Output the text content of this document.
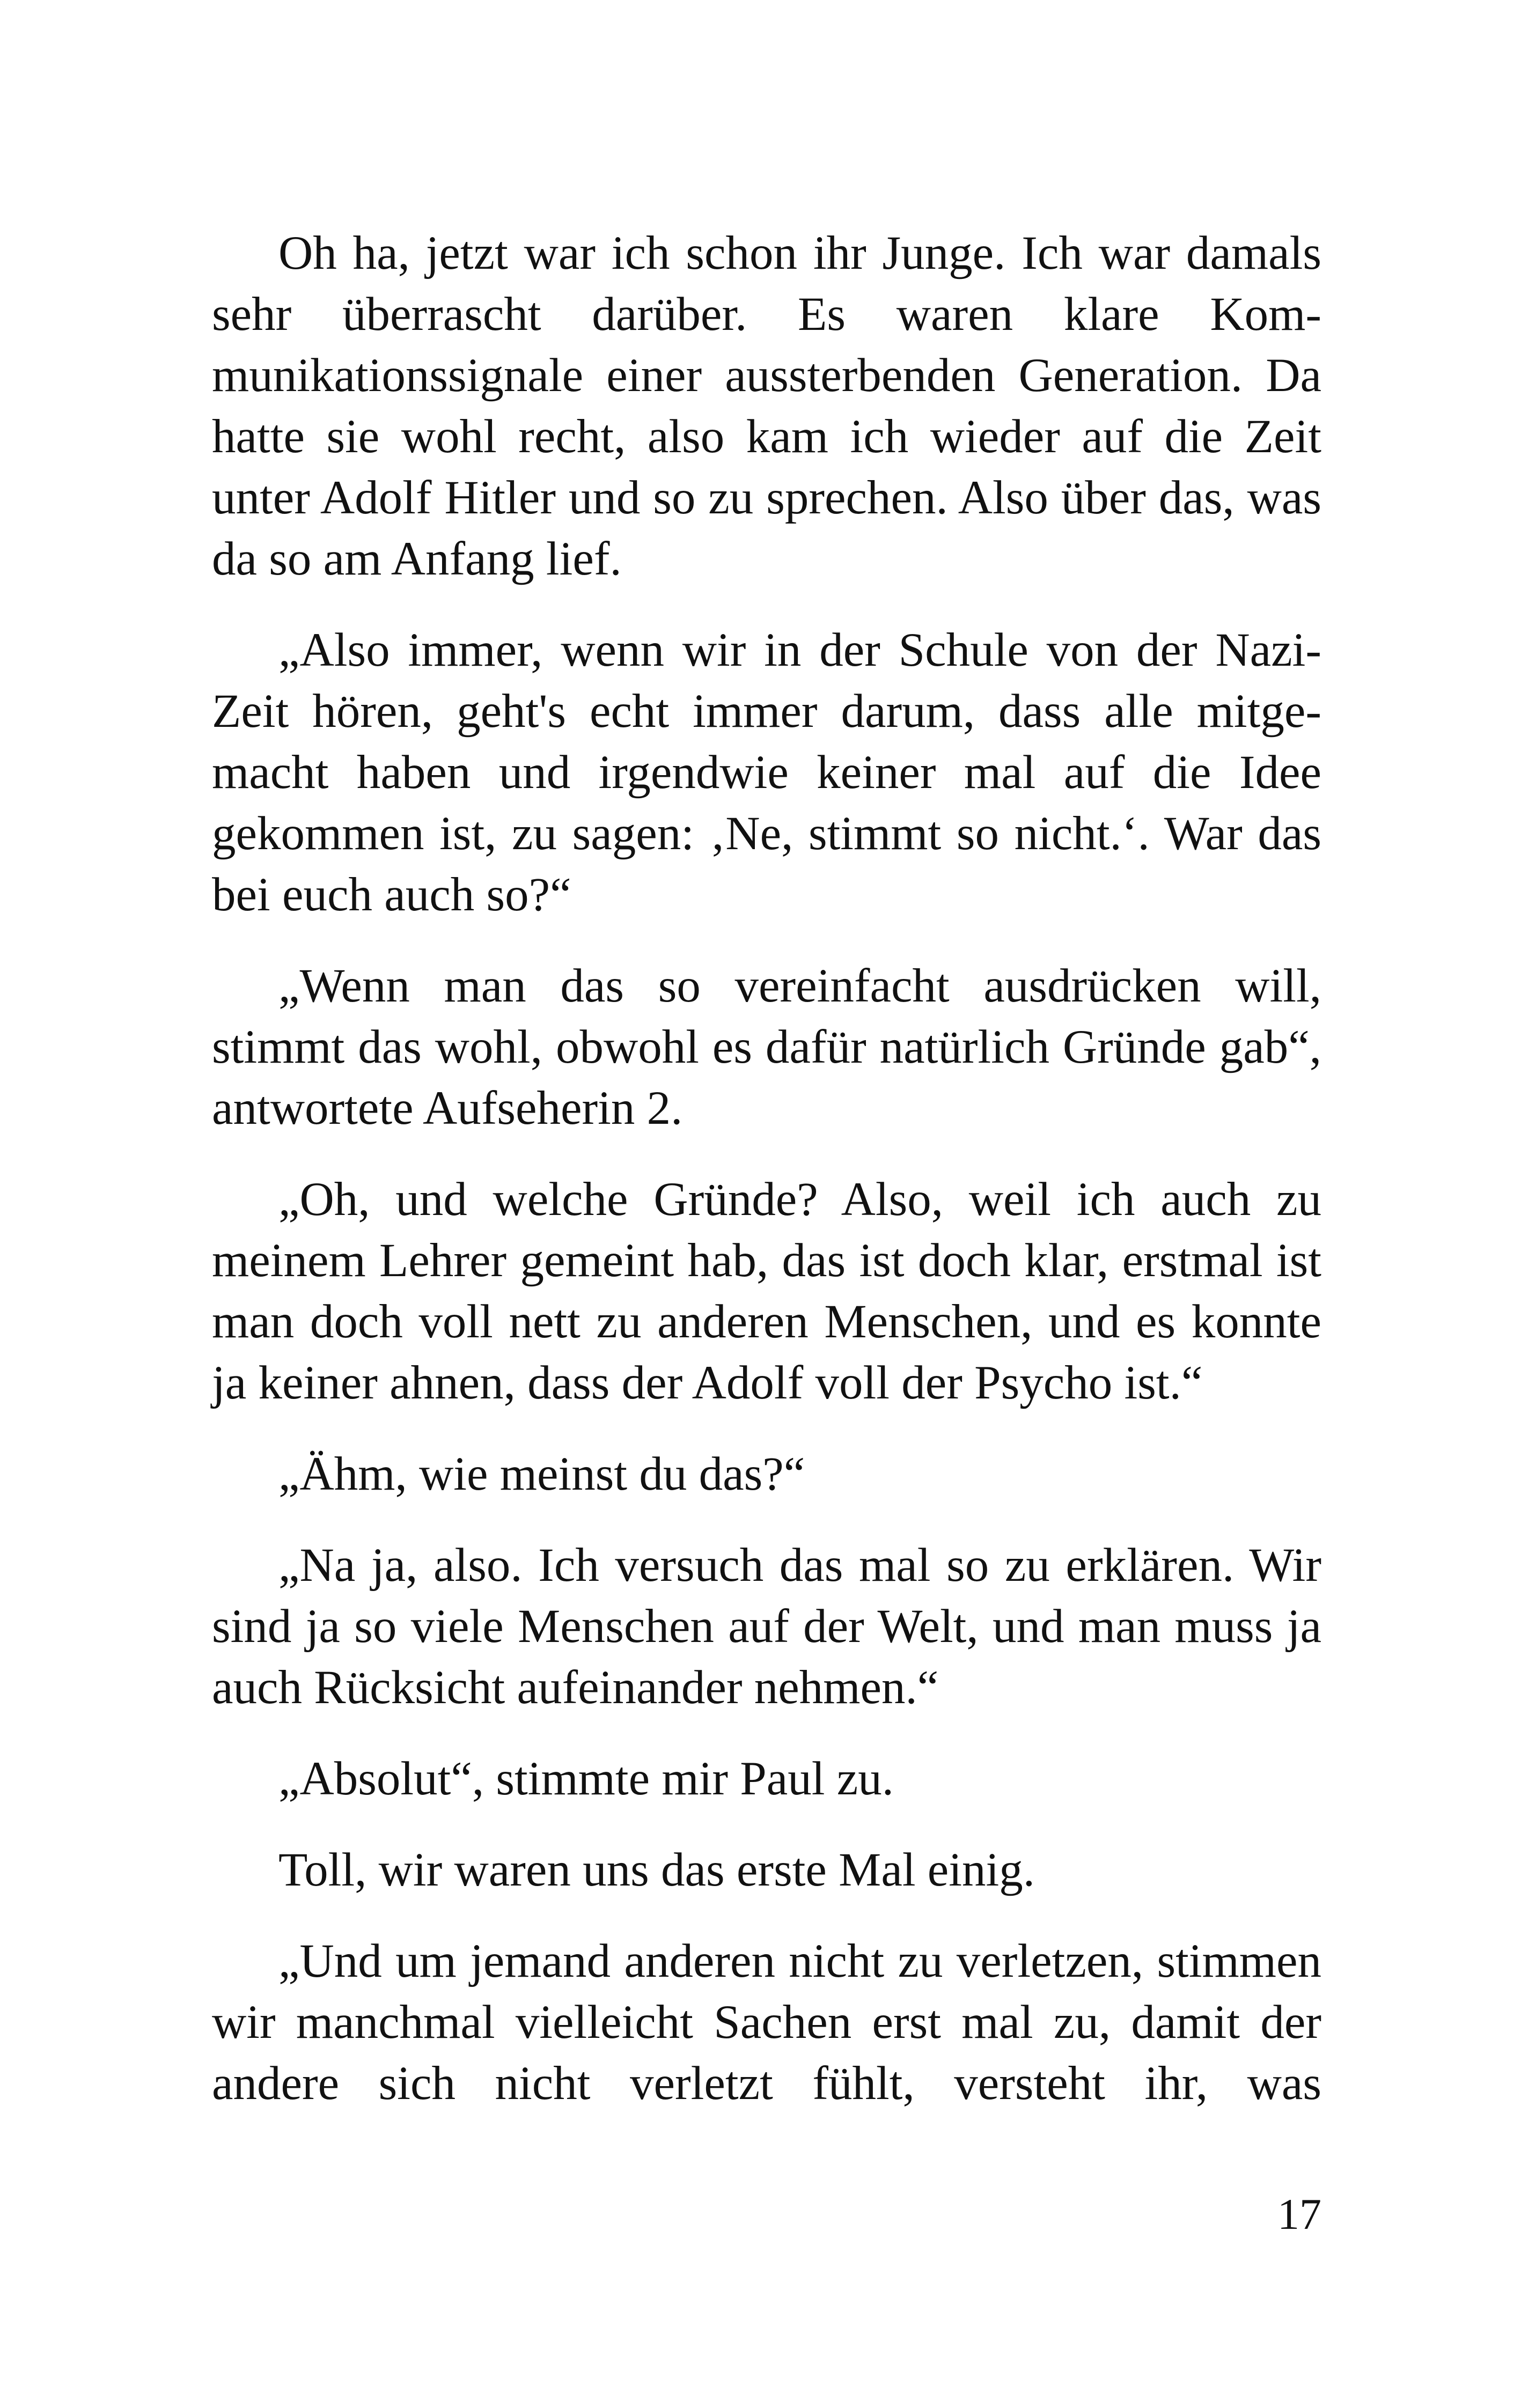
Oh ha, jetzt war ich schon ihr Junge. Ich war damals sehr überrascht darüber. Es waren klare Kommunikationssignale einer aussterbenden Generation. Da hatte sie wohl recht, also kam ich wieder auf die Zeit unter Adolf Hitler und so zu sprechen. Also über das, was da so am Anfang lief.

„Also immer, wenn wir in der Schule von der Nazi-Zeit hören, geht's echt immer darum, dass alle mitgemacht haben und irgendwie keiner mal auf die Idee gekommen ist, zu sagen: ‚Ne, stimmt so nicht.‘. War das bei euch auch so?“

„Wenn man das so vereinfacht ausdrücken will, stimmt das wohl, obwohl es dafür natürlich Gründe gab“, antwortete Aufseherin 2.

„Oh, und welche Gründe? Also, weil ich auch zu meinem Lehrer gemeint hab, das ist doch klar, erstmal ist man doch voll nett zu anderen Menschen, und es konnte ja keiner ahnen, dass der Adolf voll der Psycho ist.“

„Ähm, wie meinst du das?“

„Na ja, also. Ich versuch das mal so zu erklären. Wir sind ja so viele Menschen auf der Welt, und man muss ja auch Rücksicht aufeinander nehmen.“

„Absolut“, stimmte mir Paul zu.

Toll, wir waren uns das erste Mal einig.

„Und um jemand anderen nicht zu verletzen, stimmen wir manchmal vielleicht Sachen erst mal zu, damit der andere sich nicht verletzt fühlt, versteht ihr, was

17
